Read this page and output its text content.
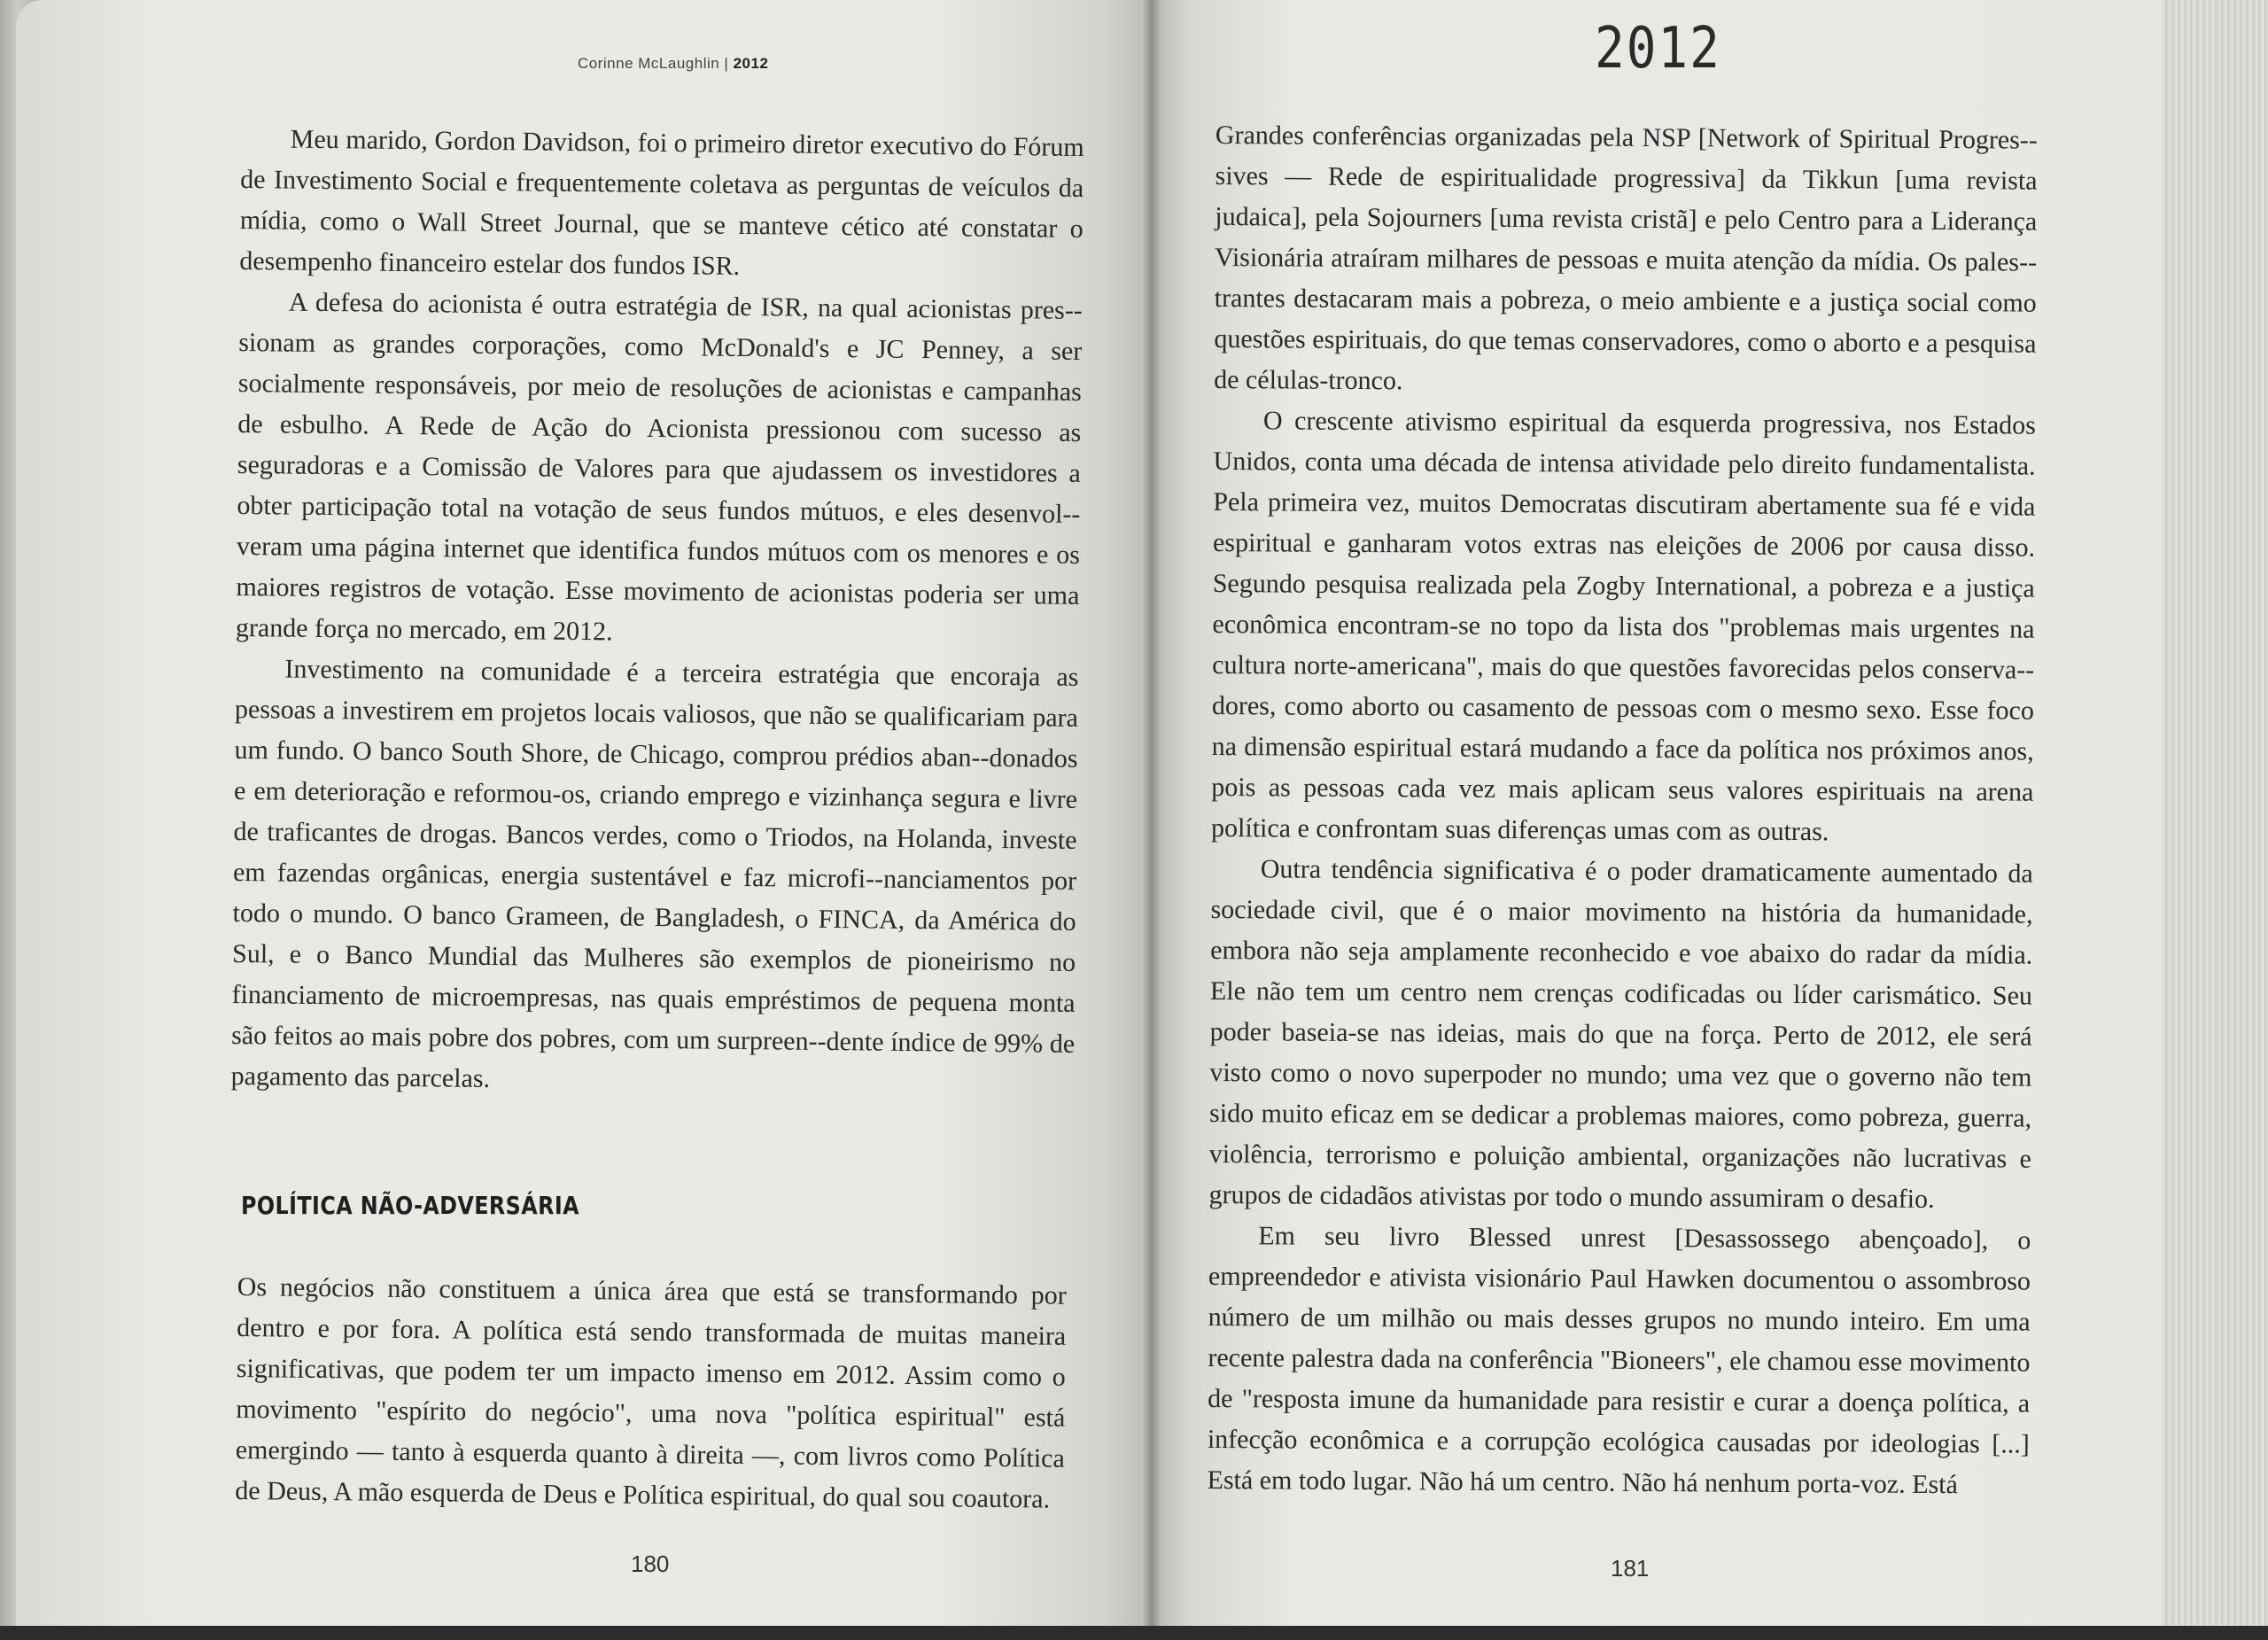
Corinne McLaughlin | 2012

Meu marido, Gordon Davidson, foi o primeiro diretor executivo do Fórum de Investimento Social e frequentemente coletava as perguntas de veículos da mídia, como o Wall Street Journal, que se manteve cético até constatar o desempenho financeiro estelar dos fundos ISR.

A defesa do acionista é outra estratégia de ISR, na qual acionistas pres--sionam as grandes corporações, como McDonald's e JC Penney, a ser socialmente responsáveis, por meio de resoluções de acionistas e campanhas de esbulho. A Rede de Ação do Acionista pressionou com sucesso as seguradoras e a Comissão de Valores para que ajudassem os investidores a obter participação total na votação de seus fundos mútuos, e eles desenvol--veram uma página internet que identifica fundos mútuos com os menores e os maiores registros de votação. Esse movimento de acionistas poderia ser uma grande força no mercado, em 2012.

Investimento na comunidade é a terceira estratégia que encoraja as pessoas a investirem em projetos locais valiosos, que não se qualificariam para um fundo. O banco South Shore, de Chicago, comprou prédios aban--donados e em deterioração e reformou-os, criando emprego e vizinhança segura e livre de traficantes de drogas. Bancos verdes, como o Triodos, na Holanda, investe em fazendas orgânicas, energia sustentável e faz microfi--nanciamentos por todo o mundo. O banco Grameen, de Bangladesh, o FINCA, da América do Sul, e o Banco Mundial das Mulheres são exemplos de pioneirismo no financiamento de microempresas, nas quais empréstimos de pequena monta são feitos ao mais pobre dos pobres, com um surpreen--dente índice de 99% de pagamento das parcelas.

POLÍTICA NÃO-ADVERSÁRIA

Os negócios não constituem a única área que está se transformando por dentro e por fora. A política está sendo transformada de muitas maneira significativas, que podem ter um impacto imenso em 2012. Assim como o movimento "espírito do negócio", uma nova "política espiritual" está emergindo — tanto à esquerda quanto à direita —, com livros como Política de Deus, A mão esquerda de Deus e Política espiritual, do qual sou coautora.

180
2012

Grandes conferências organizadas pela NSP [Network of Spiritual Progres--sives — Rede de espiritualidade progressiva] da Tikkun [uma revista judaica], pela Sojourners [uma revista cristã] e pelo Centro para a Liderança Visionária atraíram milhares de pessoas e muita atenção da mídia. Os pales--trantes destacaram mais a pobreza, o meio ambiente e a justiça social como questões espirituais, do que temas conservadores, como o aborto e a pesquisa de células-tronco.

O crescente ativismo espiritual da esquerda progressiva, nos Estados Unidos, conta uma década de intensa atividade pelo direito fundamentalista. Pela primeira vez, muitos Democratas discutiram abertamente sua fé e vida espiritual e ganharam votos extras nas eleições de 2006 por causa disso. Segundo pesquisa realizada pela Zogby International, a pobreza e a justiça econômica encontram-se no topo da lista dos "problemas mais urgentes na cultura norte-americana", mais do que questões favorecidas pelos conserva--dores, como aborto ou casamento de pessoas com o mesmo sexo. Esse foco na dimensão espiritual estará mudando a face da política nos próximos anos, pois as pessoas cada vez mais aplicam seus valores espirituais na arena política e confrontam suas diferenças umas com as outras.

Outra tendência significativa é o poder dramaticamente aumentado da sociedade civil, que é o maior movimento na história da humanidade, embora não seja amplamente reconhecido e voe abaixo do radar da mídia. Ele não tem um centro nem crenças codificadas ou líder carismático. Seu poder baseia-se nas ideias, mais do que na força. Perto de 2012, ele será visto como o novo superpoder no mundo; uma vez que o governo não tem sido muito eficaz em se dedicar a problemas maiores, como pobreza, guerra, violência, terrorismo e poluição ambiental, organizações não lucrativas e grupos de cidadãos ativistas por todo o mundo assumiram o desafio.

Em seu livro Blessed unrest [Desassossego abençoado], o empreendedor e ativista visionário Paul Hawken documentou o assombroso número de um milhão ou mais desses grupos no mundo inteiro. Em uma recente palestra dada na conferência "Bioneers", ele chamou esse movimento de "resposta imune da humanidade para resistir e curar a doença política, a infecção econômica e a corrupção ecológica causadas por ideologias [...] Está em todo lugar. Não há um centro. Não há nenhum porta-voz. Está

181
